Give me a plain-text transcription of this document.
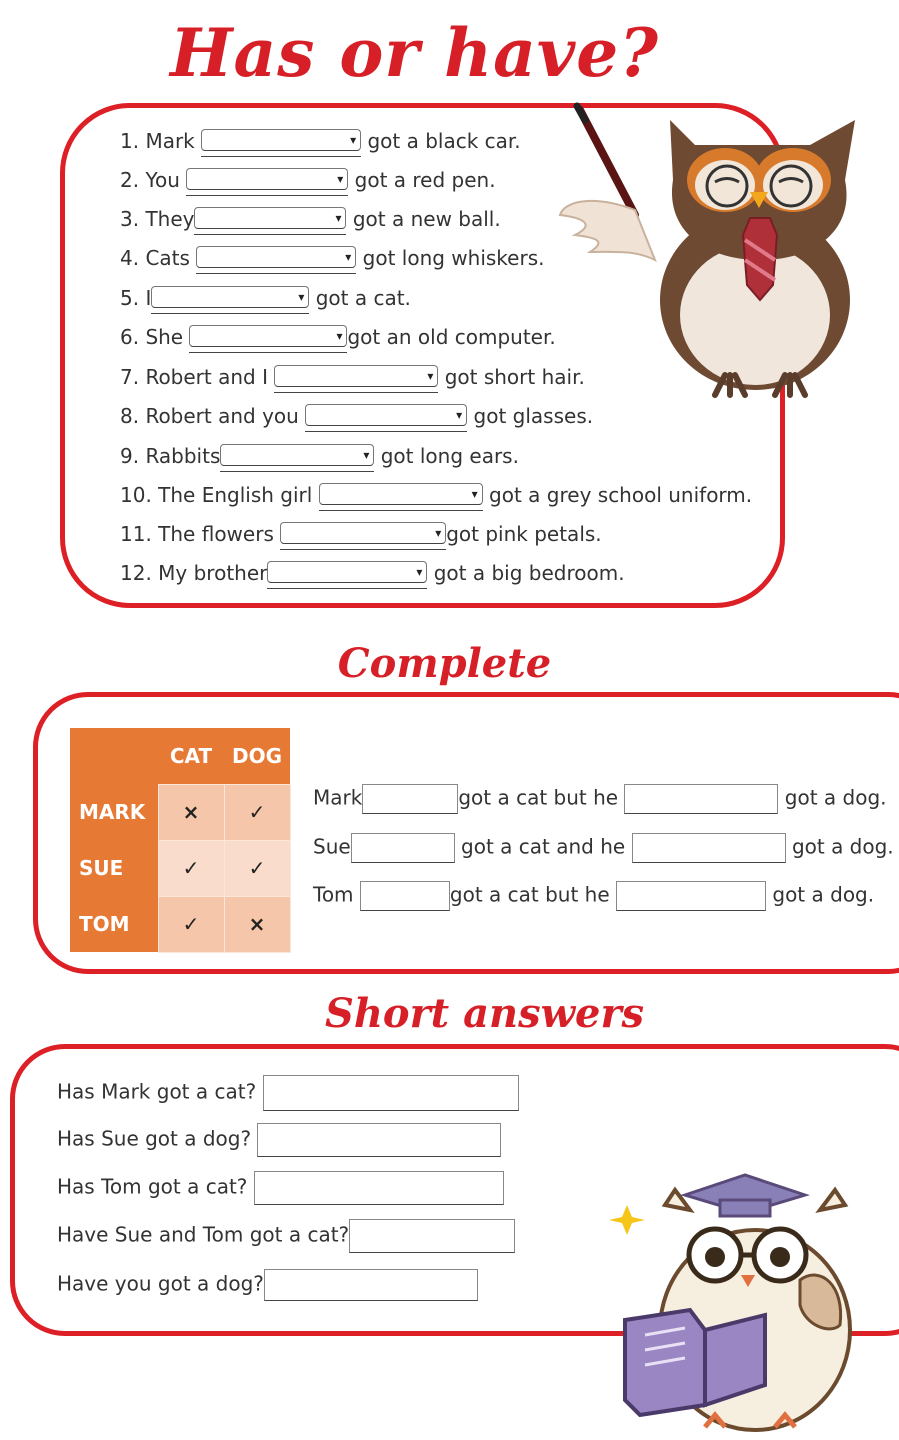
Has or have?
Complete
Short answers
1. Mark ▾	got a black car.
2. You ▾	got a red pen.
3. They ▾	got a new ball.
4. Cats ▾	got long whiskers.
5. I ▾	got a cat.
6. She ▾	got an old computer.
7. Robert and I ▾	got short hair.
8. Robert and you ▾	got glasses.
9. Rabbits ▾	got long ears.
10. The English girl ▾	got a grey school uniform.
11. The flowers ▾	got pink petals.
12. My brother ▾	got a big bedroom.
	CAT	DOG
MARK	×	✓
SUE	✓	✓
TOM	✓	×
Mark	got a cat but he	got a dog.
Sue	got a cat and he	got a dog.
Tom	got a cat but he	got a dog.
Has Mark got a cat?
Has Sue got a dog?
Has Tom got a cat?
Have Sue and Tom got a cat?
Have you got a dog?
